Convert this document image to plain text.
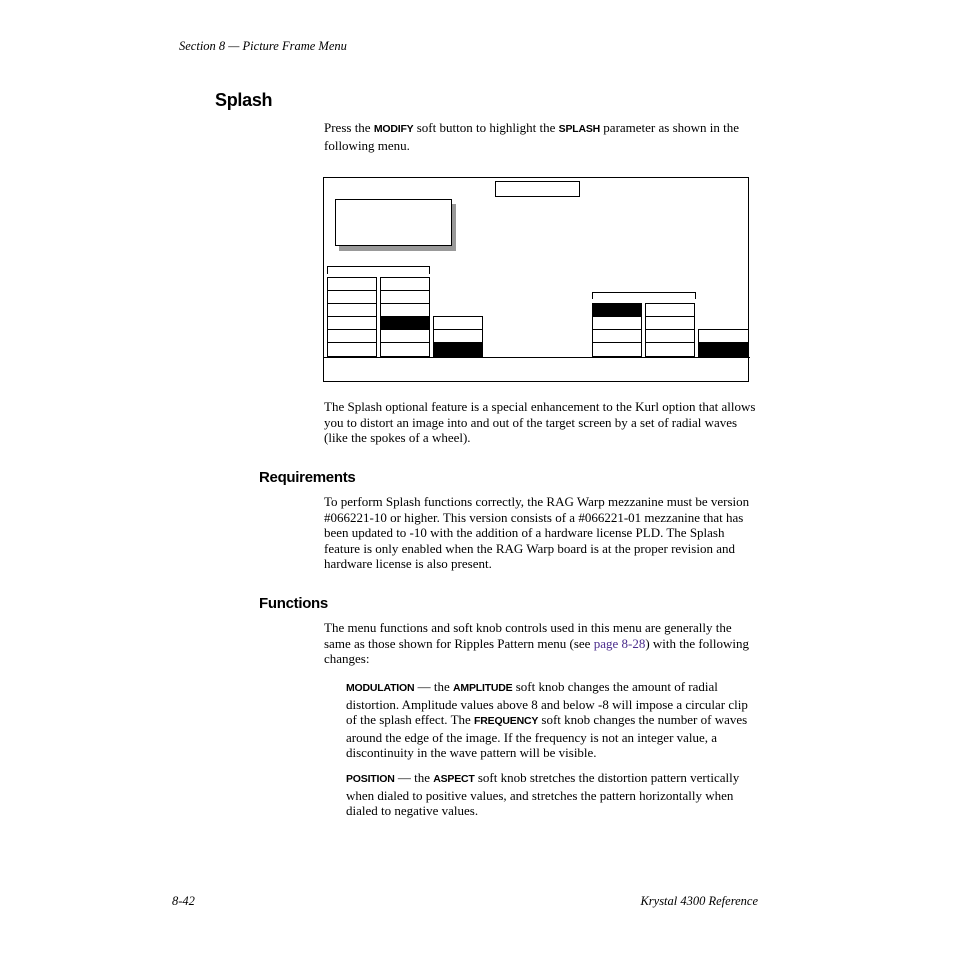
Section 8 — Picture Frame Menu
Splash
Press the MODIFY soft button to highlight the SPLASH parameter as shown in the following menu.
The Splash optional feature is a special enhancement to the Kurl option that allows you to distort an image into and out of the target screen by a set of radial waves (like the spokes of a wheel).
Requirements
To perform Splash functions correctly, the RAG Warp mezzanine must be version #066221-10 or higher. This version consists of a #066221-01 mezzanine that has been updated to -10 with the addition of a hardware license PLD. The Splash feature is only enabled when the RAG Warp board is at the proper revision and hardware license is also present.
Functions
The menu functions and soft knob controls used in this menu are generally the same as those shown for Ripples Pattern menu (see page 8-28) with the following changes:
MODULATION — the AMPLITUDE soft knob changes the amount of radial distortion. Amplitude values above 8 and below -8 will impose a circular clip of the splash effect. The FREQUENCY soft knob changes the number of waves around the edge of the image. If the frequency is not an integer value, a discontinuity in the wave pattern will be visible.
POSITION — the ASPECT soft knob stretches the distortion pattern vertically when dialed to positive values, and stretches the pattern horizontally when dialed to negative values.
8-42	Krystal 4300 Reference
